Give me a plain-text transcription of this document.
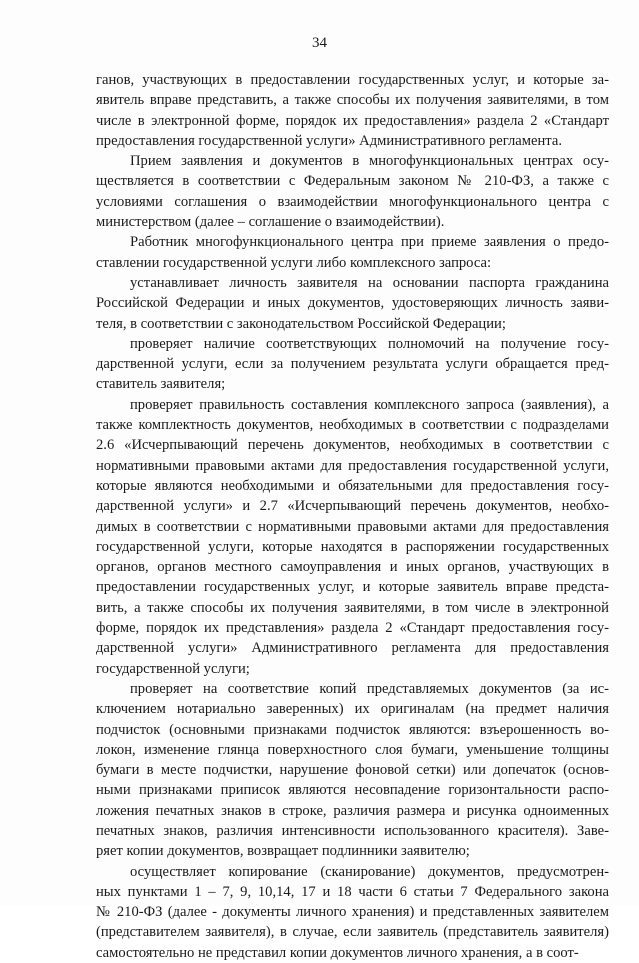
34
ганов, участвующих в предоставлении государственных услуг, и которые за-
явитель вправе представить, а также способы их получения заявителями, в том
числе в электронной форме, порядок их предоставления» раздела 2 «Стандарт
предоставления государственной услуги» Административного регламента.
Прием заявления и документов в многофункциональных центрах осу-
ществляется в соответствии с Федеральным законом № 210-ФЗ, а также с
условиями соглашения о взаимодействии многофункционального центра с
министерством (далее – соглашение о взаимодействии).
Работник многофункционального центра при приеме заявления о предо-
ставлении государственной услуги либо комплексного запроса:
устанавливает личность заявителя на основании паспорта гражданина
Российской Федерации и иных документов, удостоверяющих личность заяви-
теля, в соответствии с законодательством Российской Федерации;
проверяет наличие соответствующих полномочий на получение госу-
дарственной услуги, если за получением результата услуги обращается пред-
ставитель заявителя;
проверяет правильность составления комплексного запроса (заявления), а
также комплектность документов, необходимых в соответствии с подразделами
2.6 «Исчерпывающий перечень документов, необходимых в соответствии с
нормативными правовыми актами для предоставления государственной услуги,
которые являются необходимыми и обязательными для предоставления госу-
дарственной услуги» и 2.7 «Исчерпывающий перечень документов, необхо-
димых в соответствии с нормативными правовыми актами для предоставления
государственной услуги, которые находятся в распоряжении государственных
органов, органов местного самоуправления и иных органов, участвующих в
предоставлении государственных услуг, и которые заявитель вправе предста-
вить, а также способы их получения заявителями, в том числе в электронной
форме, порядок их представления» раздела 2 «Стандарт предоставления госу-
дарственной услуги» Административного регламента для предоставления
государственной услуги;
проверяет на соответствие копий представляемых документов (за ис-
ключением нотариально заверенных) их оригиналам (на предмет наличия
подчисток (основными признаками подчисток являются: взъерошенность во-
локон, изменение глянца поверхностного слоя бумаги, уменьшение толщины
бумаги в месте подчистки, нарушение фоновой сетки) или допечаток (основ-
ными признаками приписок являются несовпадение горизонтальности распо-
ложения печатных знаков в строке, различия размера и рисунка одноименных
печатных знаков, различия интенсивности использованного красителя). Заве-
ряет копии документов, возвращает подлинники заявителю;
осуществляет копирование (сканирование) документов, предусмотрен-
ных пунктами 1 – 7, 9, 10,14, 17 и 18 части 6 статьи 7 Федерального закона
№ 210-ФЗ (далее - документы личного хранения) и представленных заявителем
(представителем заявителя), в случае, если заявитель (представитель заявителя)
самостоятельно не представил копии документов личного хранения, а в соот-
